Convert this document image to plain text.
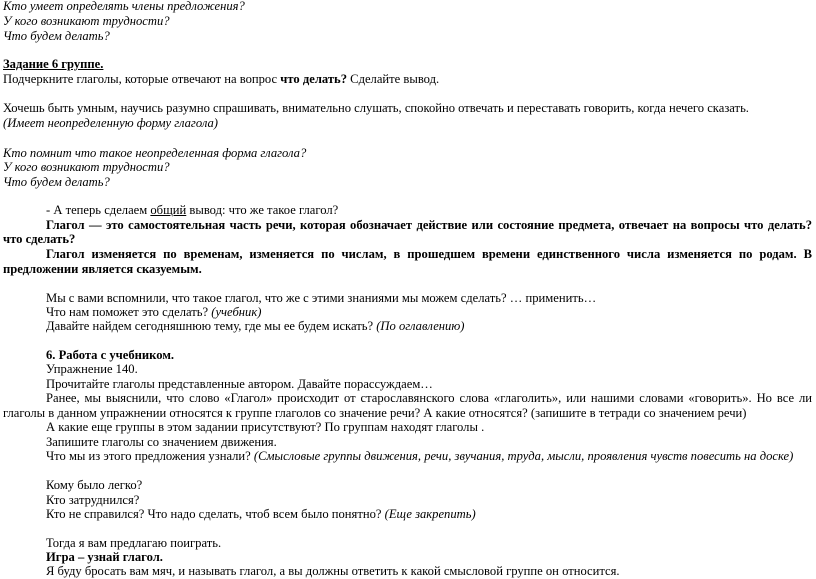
Кто умеет определять члены предложения?
У кого возникают трудности?
Что будем делать?
Задание 6 группе.
Подчеркните глаголы, которые отвечают на вопрос что делать? Сделайте вывод.
Хочешь быть умным, научись разумно спрашивать, внимательно слушать, спокойно отвечать и переставать говорить, когда нечего сказать.
(Имеет неопределенную форму глагола)
Кто помнит что такое неопределенная форма глагола?
У кого возникают трудности?
Что будем делать?
- А теперь сделаем общий вывод: что же такое глагол?
Глагол — это самостоятельная часть речи, которая обозначает действие или состояние предмета, отвечает на вопросы что делать?
что сделать?
Глагол изменяется по временам, изменяется по числам, в прошедшем времени единственного числа изменяется по родам. В
предложении является сказуемым.
Мы с вами вспомнили, что такое глагол, что же с этими знаниями мы можем сделать? … применить…
Что нам поможет это сделать? (учебник)
Давайте найдем сегодняшнюю тему, где мы ее будем искать? (По оглавлению)
6. Работа с учебником.
Упражнение 140.
Прочитайте глаголы представленные автором. Давайте порассуждаем…
Ранее, мы выяснили, что слово «Глагол» происходит от старославянского слова «глаголить», или нашими словами «говорить». Но все ли
глаголы в данном упражнении относятся к группе глаголов со значение речи? А какие относятся? (запишите в тетради со значением речи)
А какие еще группы в этом задании присутствуют? По группам находят глаголы .
Запишите глаголы со значением движения.
Что мы из этого предложения узнали? (Смысловые группы движения, речи, звучания, труда, мысли, проявления чувств повесить на доске)
Кому было легко?
Кто затруднился?
Кто не справился? Что надо сделать, чтоб всем было понятно? (Еще закрепить)
Тогда я вам предлагаю поиграть.
Игра – узнай глагол.
Я буду бросать вам мяч, и называть глагол, а вы должны ответить к какой смысловой группе он относится.
